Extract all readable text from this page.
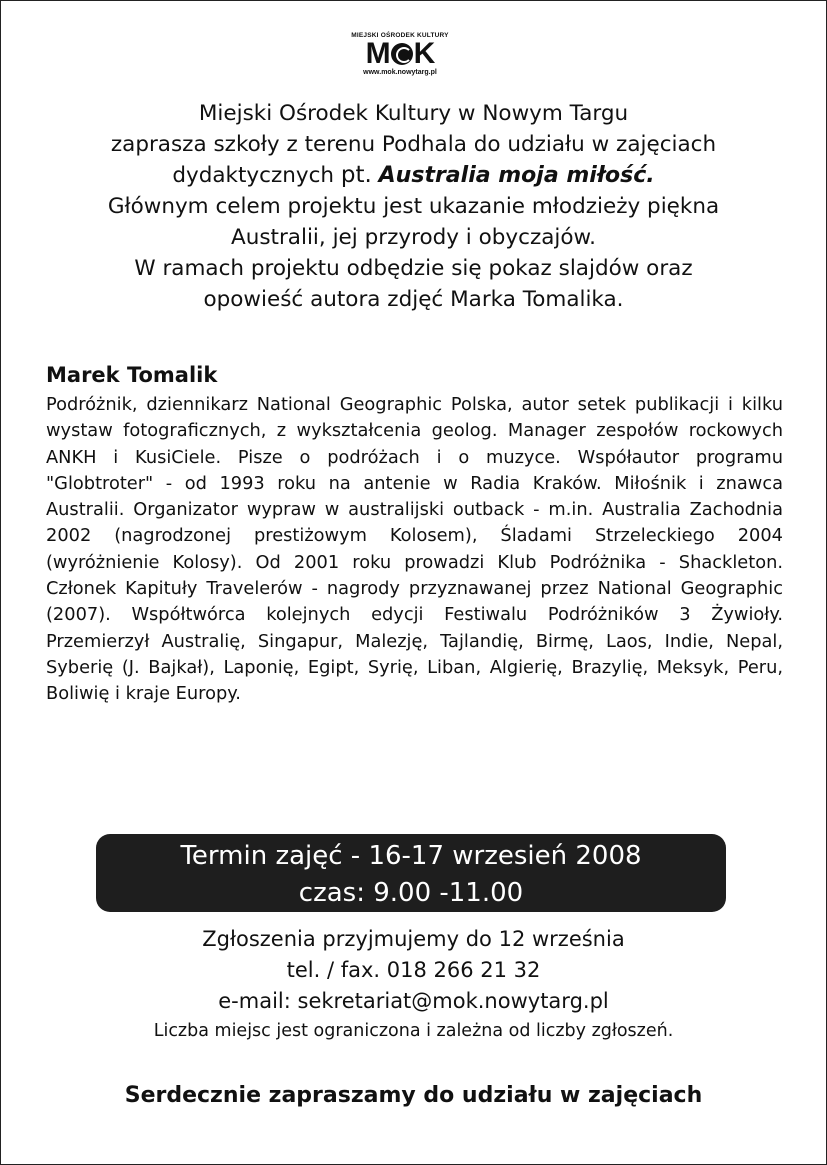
MIEJSKI OŚRODEK KULTURY
M K
www.mok.nowytarg.pl

Miejski Ośrodek Kultury w Nowym Targu

zaprasza szkoły z terenu Podhala do udziału w zajęciach

dydaktycznych pt. Australia moja miłość.

Głównym celem projektu jest ukazanie młodzieży piękna

Australii, jej przyrody i obyczajów.

W ramach projektu odbędzie się pokaz slajdów oraz

opowieść autora zdjęć Marka Tomalika.

Marek Tomalik

Podróżnik, dziennikarz National Geographic Polska, autor setek publikacji i kilku wystaw fotograficznych, z wykształcenia geolog. Manager zespołów rockowych ANKH i KusiCiele. Pisze o podróżach i o muzyce. Współautor programu "Globtroter" - od 1993 roku na antenie w Radia Kraków. Miłośnik i znawca Australii. Organizator wypraw w australijski outback - m.in. Australia Zachodnia 2002 (nagrodzonej prestiżowym Kolosem), Śladami Strzeleckiego 2004 (wyróżnienie Kolosy). Od 2001 roku prowadzi Klub Podróżnika - Shackleton. Członek Kapituły Travelerów - nagrody przyznawanej przez National Geographic (2007). Współtwórca kolejnych edycji Festiwalu Podróżników 3 Żywioły. Przemierzył Australię, Singapur, Malezję, Tajlandię, Birmę, Laos, Indie, Nepal, Syberię (J. Bajkał), Laponię, Egipt, Syrię, Liban, Algierię, Brazylię, Meksyk, Peru, Boliwię i kraje Europy.

Termin zajęć - 16-17 wrzesień 2008
czas: 9.00 -11.00

Zgłoszenia przyjmujemy do 12 września

tel. / fax. 018 266 21 32

e-mail: sekretariat@mok.nowytarg.pl

Liczba miejsc jest ograniczona i zależna od liczby zgłoszeń.

Serdecznie zapraszamy do udziału w zajęciach
